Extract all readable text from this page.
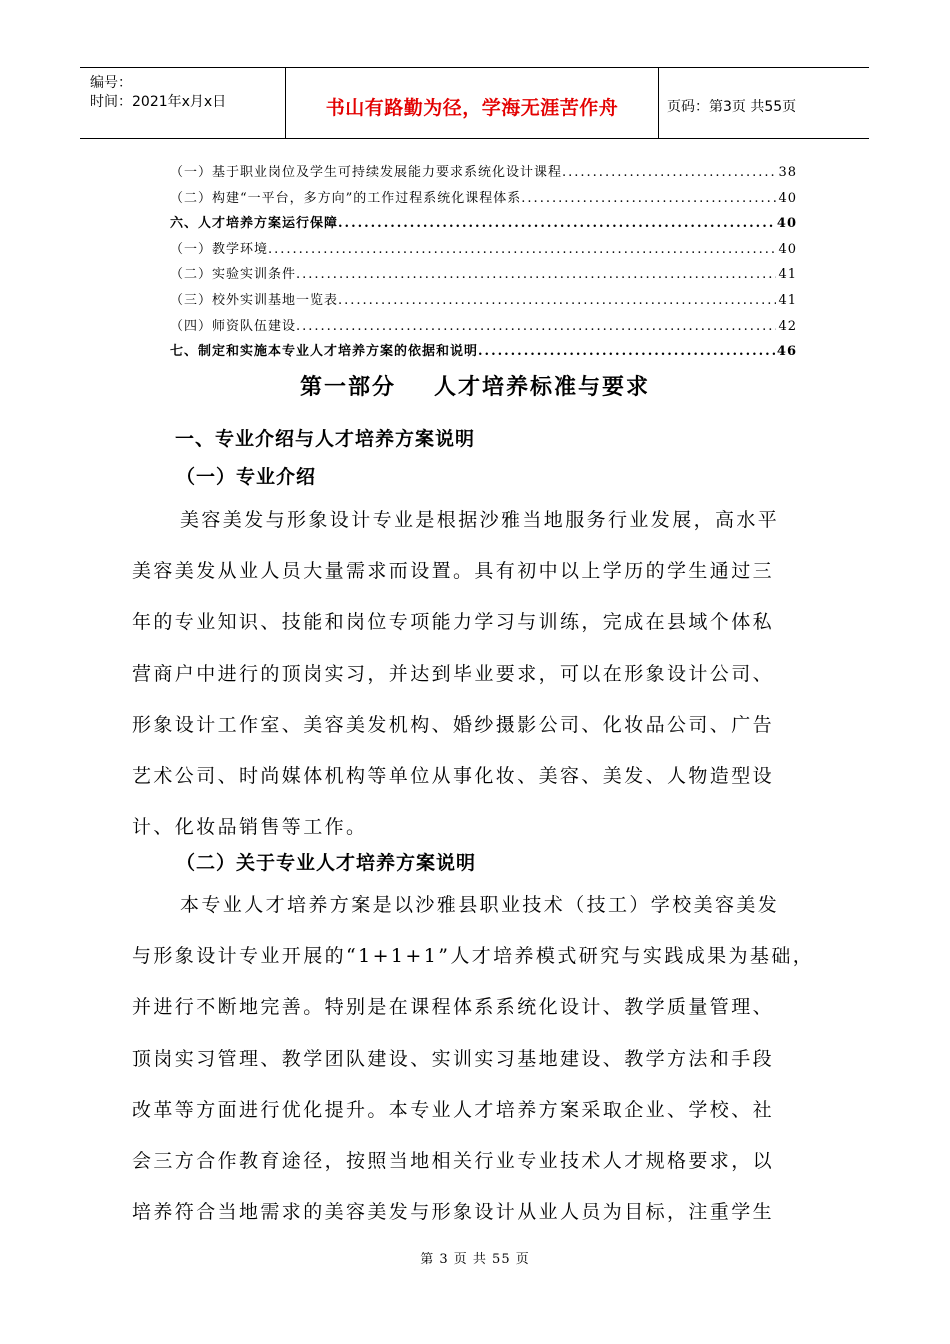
编号：
时间：2021年x月x日	书山有路勤为径，学海无涯苦作舟	页码：第3页 共55页
（一）基于职业岗位及学生可持续发展能力要求系统化设计课程 .....	38
（二）构建“一平台，多方向”的工作过程系统化课程体系 .....	40
六、人才培养方案运行保障 .....	40
（一）教学环境 .....	40
（二）实验实训条件 .....	41
（三）校外实训基地一览表 .....	41
（四）师资队伍建设 .....	42
七、制定和实施本专业人才培养方案的依据和说明 .....	46
第一部分 人才培养标准与要求
一、专业介绍与人才培养方案说明
（一）专业介绍
美容美发与形象设计专业是根据沙雅当地服务行业发展，高水平
美容美发从业人员大量需求而设置。具有初中以上学历的学生通过三
年的专业知识、技能和岗位专项能力学习与训练，完成在县域个体私
营商户中进行的顶岗实习，并达到毕业要求，可以在形象设计公司、
形象设计工作室、美容美发机构、婚纱摄影公司、化妆品公司、广告
艺术公司、时尚媒体机构等单位从事化妆、美容、美发、人物造型设
计、化妆品销售等工作。
（二）关于专业人才培养方案说明
本专业人才培养方案是以沙雅县职业技术（技工）学校美容美发
与形象设计专业开展的“1+1+1”人才培养模式研究与实践成果为基础，
并进行不断地完善。特别是在课程体系系统化设计、教学质量管理、
顶岗实习管理、教学团队建设、实训实习基地建设、教学方法和手段
改革等方面进行优化提升。本专业人才培养方案采取企业、学校、社
会三方合作教育途径，按照当地相关行业专业技术人才规格要求，以
培养符合当地需求的美容美发与形象设计从业人员为目标，注重学生
第 3 页 共 55 页
